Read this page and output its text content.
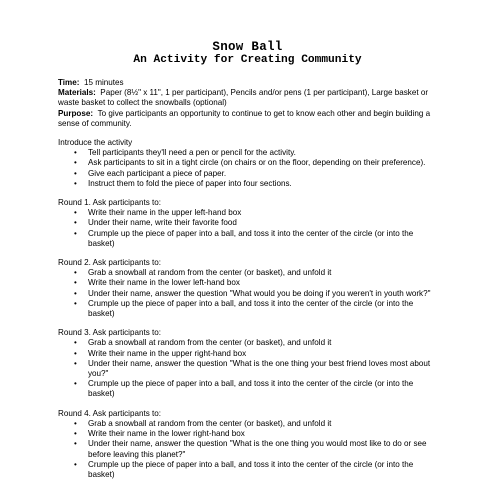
Snow Ball
An Activity for Creating Community

Time: 15 minutes

Materials: Paper (8½" x 11", 1 per participant), Pencils and/or pens (1 per participant), Large basket or waste basket to collect the snowballs (optional)

Purpose: To give participants an opportunity to continue to get to know each other and begin building a sense of community.

Introduce the activity

• Tell participants they'll need a pen or pencil for the activity.
• Ask participants to sit in a tight circle (on chairs or on the floor, depending on their preference).
• Give each participant a piece of paper.
• Instruct them to fold the piece of paper into four sections.

Round 1. Ask participants to:

• Write their name in the upper left-hand box
• Under their name, write their favorite food
• Crumple up the piece of paper into a ball, and toss it into the center of the circle (or into the basket)

Round 2. Ask participants to:

• Grab a snowball at random from the center (or basket), and unfold it
• Write their name in the lower left-hand box
• Under their name, answer the question "What would you be doing if you weren't in youth work?"
• Crumple up the piece of paper into a ball, and toss it into the center of the circle (or into the basket)

Round 3. Ask participants to:

• Grab a snowball at random from the center (or basket), and unfold it
• Write their name in the upper right-hand box
• Under their name, answer the question "What is the one thing your best friend loves most about you?"
• Crumple up the piece of paper into a ball, and toss it into the center of the circle (or into the basket)

Round 4. Ask participants to:

• Grab a snowball at random from the center (or basket), and unfold it
• Write their name in the lower right-hand box
• Under their name, answer the question "What is the one thing you would most like to do or see before leaving this planet?"
• Crumple up the piece of paper into a ball, and toss it into the center of the circle (or into the basket)
